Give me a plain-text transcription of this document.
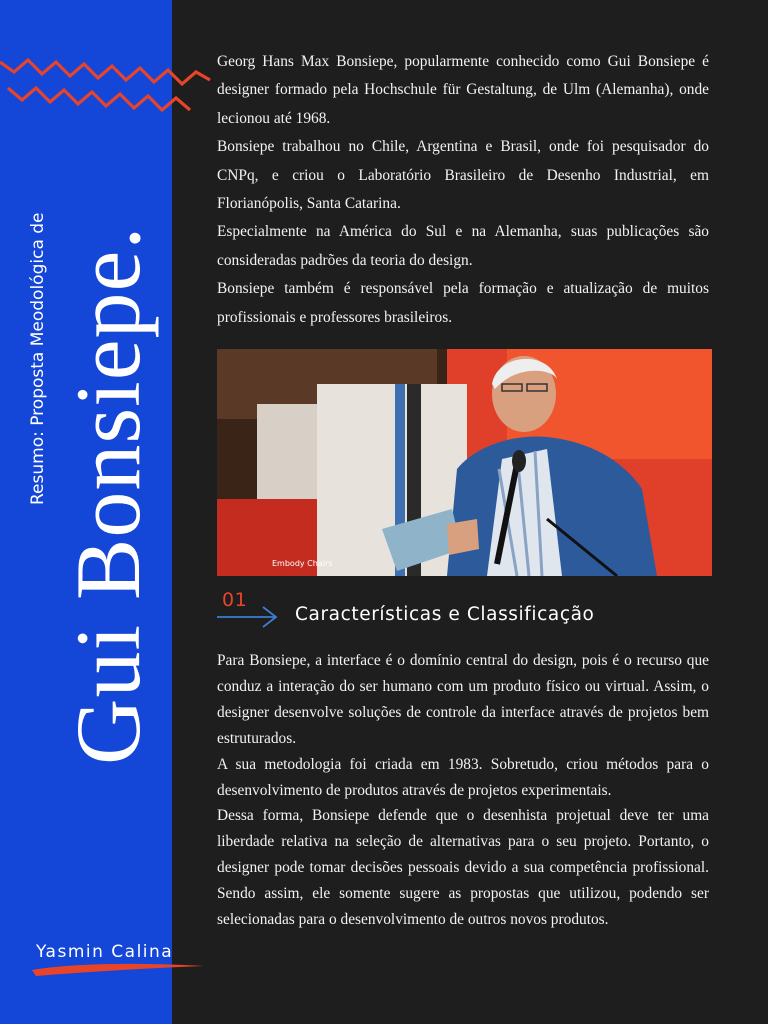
Gui Bonsiepe.
Resumo: Proposta Meodológica de
Yasmin Calina

Georg Hans Max Bonsiepe, popularmente conhecido como Gui Bonsiepe é designer formado pela Hochschule für Gestaltung, de Ulm (Alemanha), onde lecionou até 1968.

Bonsiepe trabalhou no Chile, Argentina e Brasil, onde foi pesquisador do CNPq, e criou o Laboratório Brasileiro de Desenho Industrial, em Florianópolis, Santa Catarina.

Especialmente na América do Sul e na Alemanha, suas publicações são consideradas padrões da teoria do design.

Bonsiepe também é responsável pela formação e atualização de muitos profissionais e professores brasileiros.

Embody Chairs
01
Características e Classificação

Para Bonsiepe, a interface é o domínio central do design, pois é o recurso que conduz a interação do ser humano com um produto físico ou virtual. Assim, o designer desenvolve soluções de controle da interface através de projetos bem estruturados.

A sua metodologia foi criada em 1983. Sobretudo, criou métodos para o desenvolvimento de produtos através de projetos experimentais.

Dessa forma, Bonsiepe defende que o desenhista projetual deve ter uma liberdade relativa na seleção de alternativas para o seu projeto. Portanto, o designer pode tomar decisões pessoais devido a sua competência profissional. Sendo assim, ele somente sugere as propostas que utilizou, podendo ser selecionadas para o desenvolvimento de outros novos produtos.
